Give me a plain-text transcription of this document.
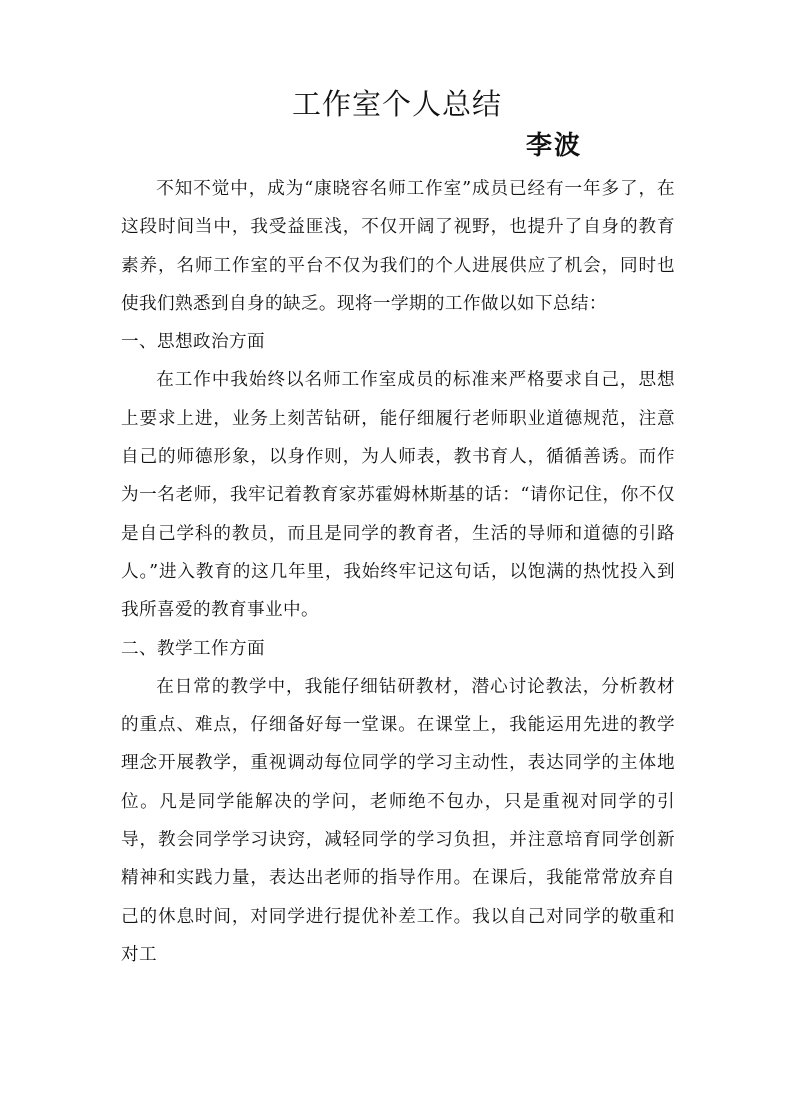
工作室个人总结
李波

不知不觉中，成为“康晓容名师工作室”成员已经有一年多了，在这段时间当中，我受益匪浅，不仅开阔了视野，也提升了自身的教育素养，名师工作室的平台不仅为我们的个人进展供应了机会，同时也使我们熟悉到自身的缺乏。现将一学期的工作做以如下总结：

一、思想政治方面

在工作中我始终以名师工作室成员的标准来严格要求自己，思想上要求上进，业务上刻苦钻研，能仔细履行老师职业道德规范，注意自己的师德形象，以身作则，为人师表，教书育人，循循善诱。而作为一名老师，我牢记着教育家苏霍姆林斯基的话：“请你记住，你不仅是自己学科的教员，而且是同学的教育者，生活的导师和道德的引路人。”进入教育的这几年里，我始终牢记这句话，以饱满的热忱投入到我所喜爱的教育事业中。

二、教学工作方面

在日常的教学中，我能仔细钻研教材，潜心讨论教法，分析教材的重点、难点，仔细备好每一堂课。在课堂上，我能运用先进的教学理念开展教学，重视调动每位同学的学习主动性，表达同学的主体地位。凡是同学能解决的学问，老师绝不包办，只是重视对同学的引导，教会同学学习诀窍，减轻同学的学习负担，并注意培育同学创新精神和实践力量，表达出老师的指导作用。在课后，我能常常放弃自己的休息时间，对同学进行提优补差工作。我以自己对同学的敬重和对工
